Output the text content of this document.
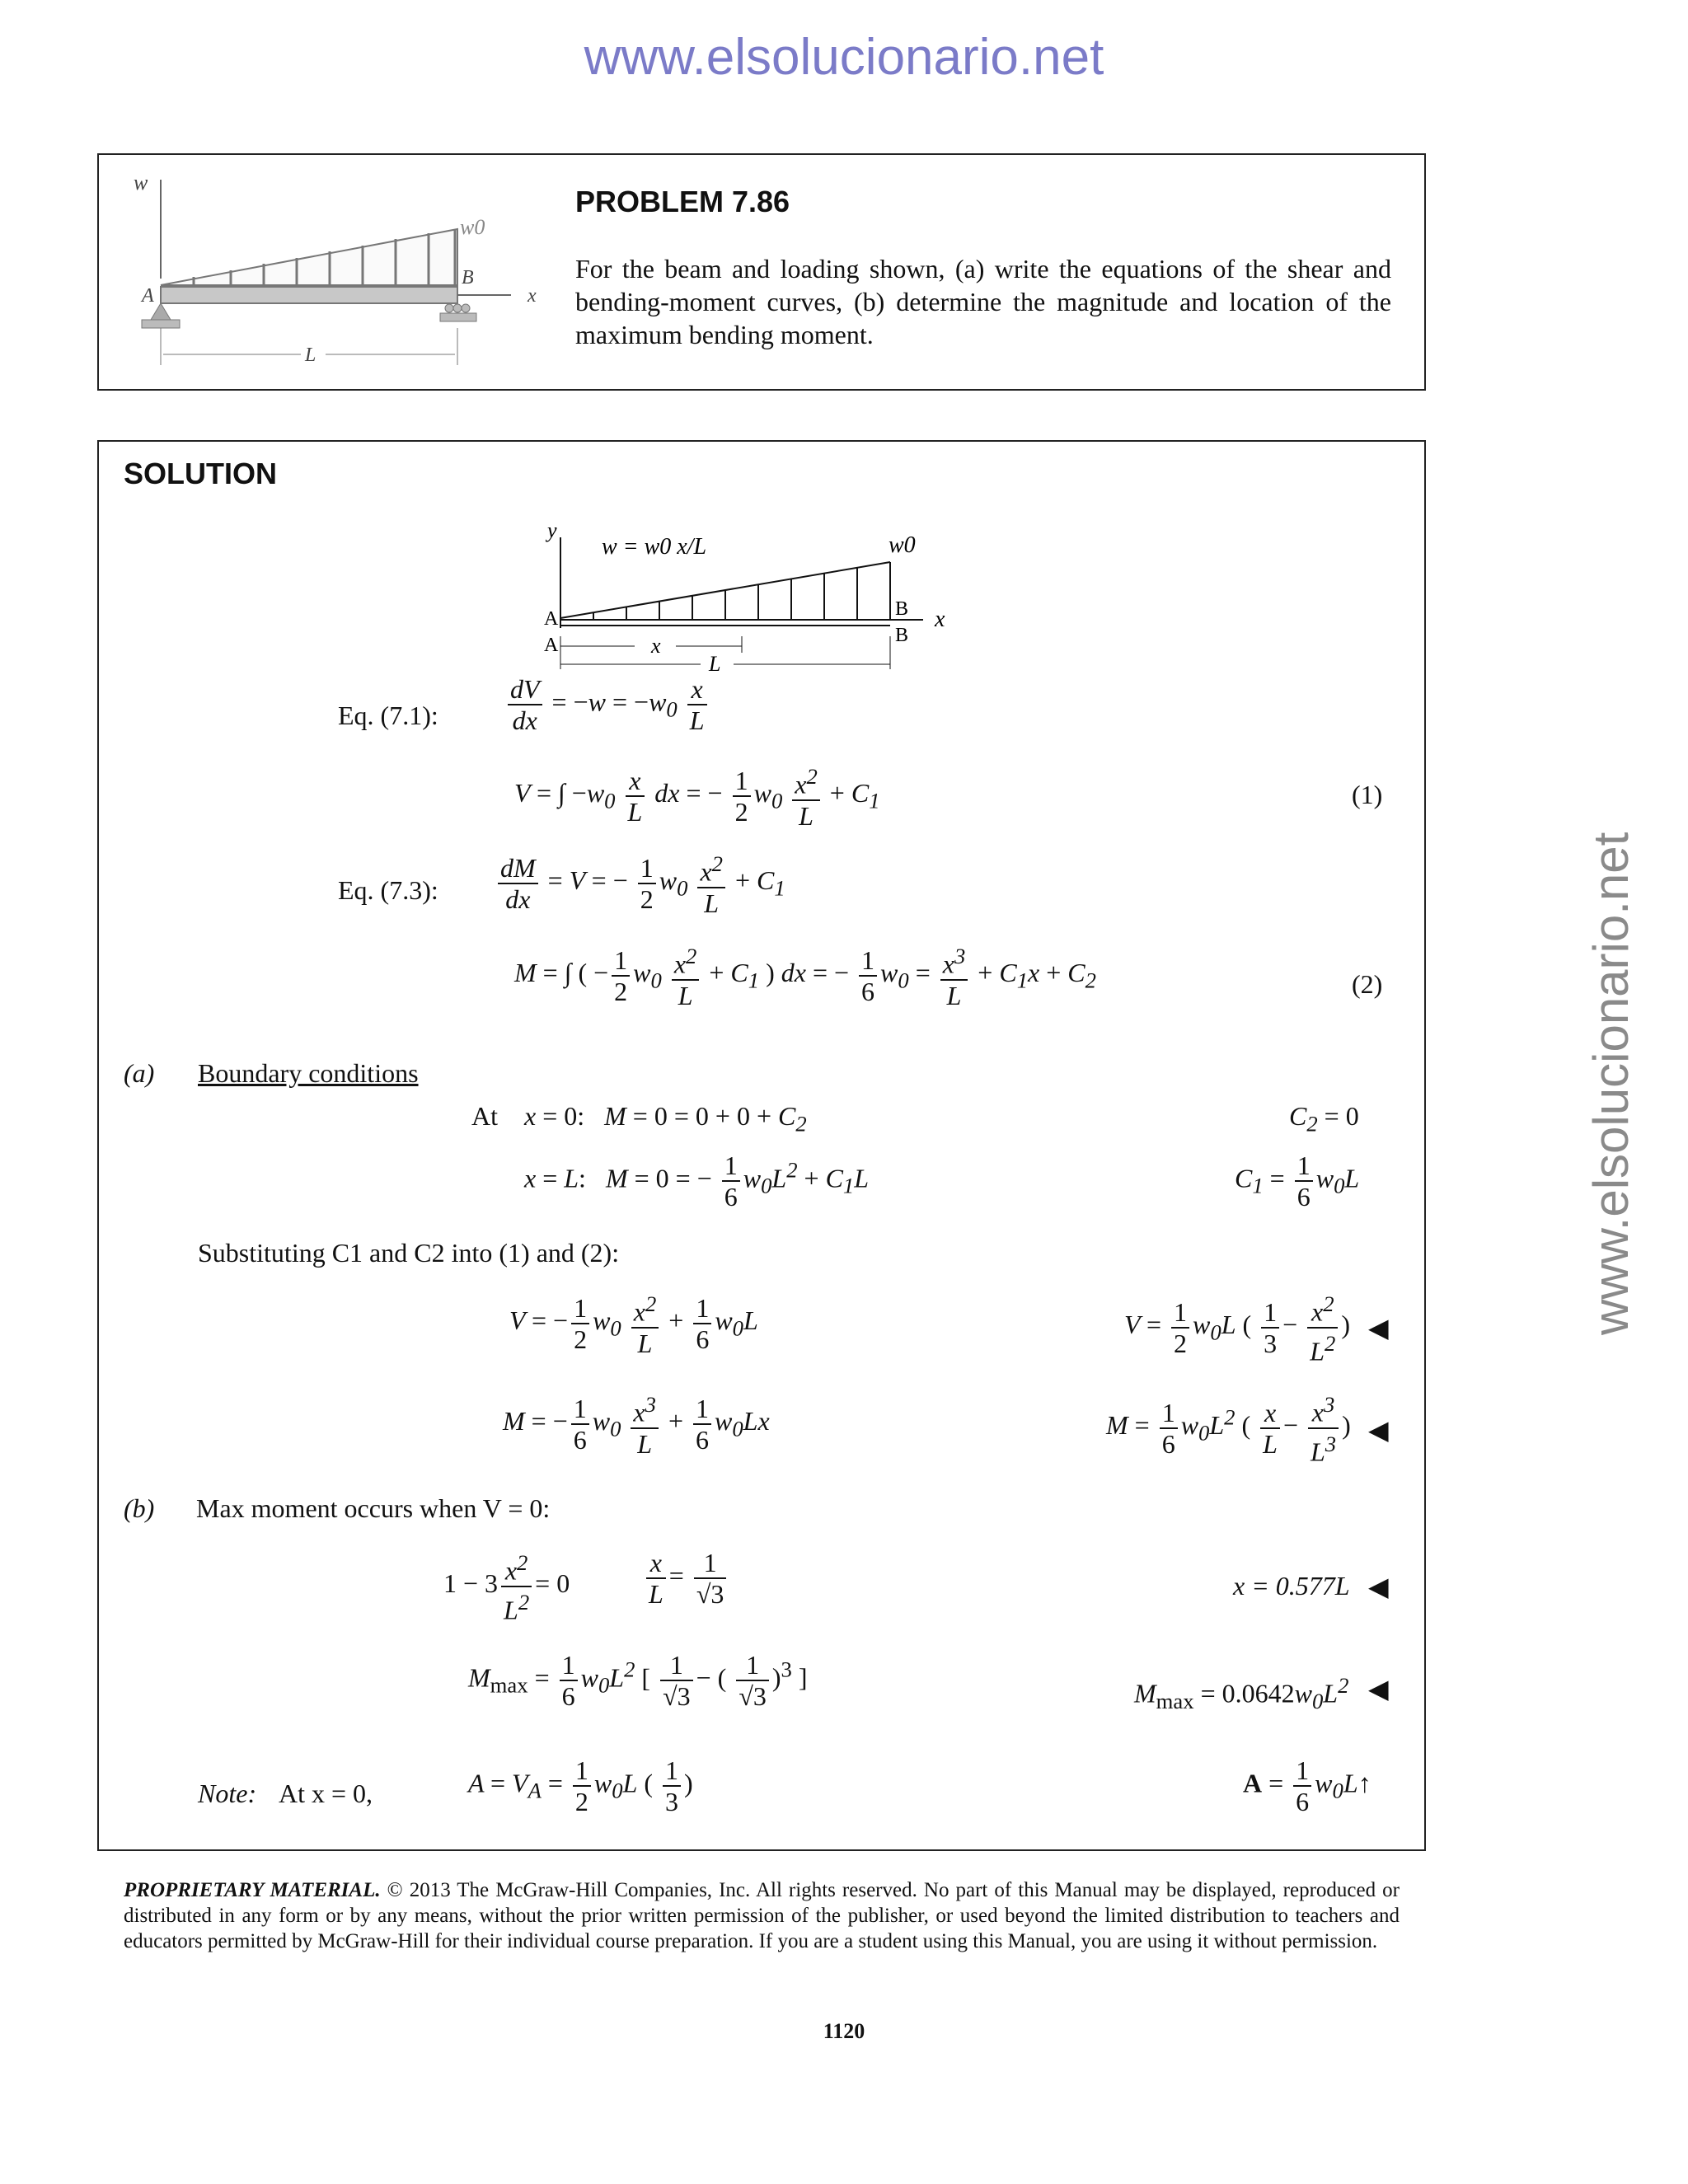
www.elsolucionario.net
www.elsolucionario.net
w
w0
A
B
x
L
PROBLEM 7.86
For the beam and loading shown, (a) write the equations of the shear and bending-moment curves, (b) determine the magnitude and location of the maximum bending moment.
SOLUTION
y
w = w0 x/L	w0
x
A
A
B
B
x
L
Eq. (7.1):	$\frac{dV}{dx} = -w = -w_0 \frac{x}{L}$
V = ∫ $-w_0 \frac{x}{L}$ dx = − $\frac{1}{2} w_0 \frac{x^2}{L} + C_1$	(1)
Eq. (7.3): $\frac{dM}{dx} = V$ = − $\frac{1}{2} w_0 \frac{x^2}{L} + C_1$
M = ∫ ( − $\frac{1}{2} w_0 \frac{x^2}{L} + C_1$ ) dx = − $\frac{1}{6} w_0 = \frac{x^3}{L} + C_1x + C_2$	(2)
(a) Boundary conditions
At x = 0:   $M = 0 = 0 + 0 + C_2$	$C_2 = 0$
x = L:   M = 0 = − $\frac{1}{6} w_0L^2 + C_1L$	$C_1 = \frac{1}{6} w_0L$
Substituting C1 and C2 into (1) and (2):
V = − $\frac{1}{2} w_0 \frac{x^2}{L} + \frac{1}{6} w_0L$	$V = \frac{1}{2} w_0L$ ( $\frac{1}{3} - \frac{x^2}{L^2}$ ) ◀
M = − $\frac{1}{6} w_0 \frac{x^3}{L} + \frac{1}{6} w_0Lx$	$M = \frac{1}{6} w_0L^2$ ( $\frac{x}{L} - \frac{x^3}{L^3}$ ) ◀
(b) Max moment occurs when V = 0:
$1 - 3 \frac{x^2}{L^2} = 0$	$\frac{x}{L} = \frac{1}{√3}$	x = 0.577L ◀
$M_{max} = \frac{1}{6} w_0L^2$ [ $\frac{1}{√3}$ − ( $\frac{1}{√3} )^3$ ]
$M_{max} = 0.0642w_0L^2$ ◀
Note: At x = 0,	$A = V_A = \frac{1}{2} w_0L$ ( $\frac{1}{3}$ )	$A = \frac{1}{6}$ $w_0L↑$
PROPRIETARY MATERIAL. © 2013 The McGraw-Hill Companies, Inc. All rights reserved. No part of this Manual may be displayed, reproduced or distributed in any form or by any means, without the prior written permission of the publisher, or used beyond the limited distribution to teachers and educators permitted by McGraw-Hill for their individual course preparation. If you are a student using this Manual, you are using it without permission.
1120
